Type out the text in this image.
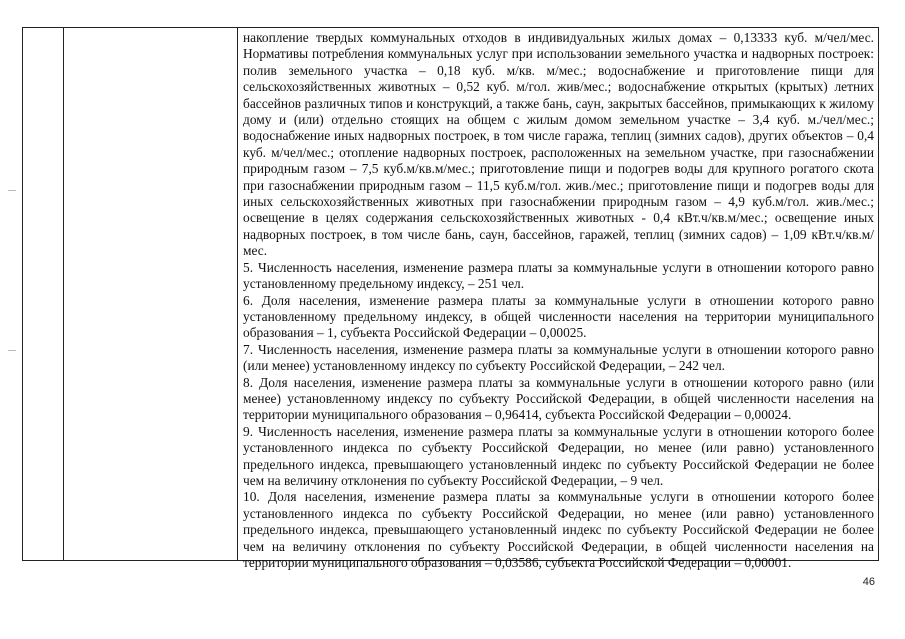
накопление твердых коммунальных отходов в индивидуальных жилых домах – 0,13333 куб. м/чел/мес. Нормативы потребления коммунальных услуг при использовании земельного участка и надворных построек: полив земельного участка – 0,18 куб. м/кв. м/мес.; водоснабжение и приготовление пищи для сельскохозяйственных животных – 0,52 куб. м/гол. жив/мес.; водоснабжение открытых (крытых) летних бассейнов различных типов и конструкций, а также бань, саун, закрытых бассейнов, примыкающих к жилому дому и (или) отдельно стоящих на общем с жилым домом земельном участке – 3,4 куб. м./чел/мес.; водоснабжение иных надворных построек, в том числе гаража, теплиц (зимних садов), других объектов – 0,4 куб. м/чел/мес.; отопление надворных построек, расположенных на земельном участке, при газоснабжении природным газом – 7,5 куб.м/кв.м/мес.; приготовление пищи и подогрев воды для крупного рогатого скота при газоснабжении природным газом – 11,5 куб.м/гол. жив./мес.; приготовление пищи и подогрев воды для иных сельскохозяйственных животных при газоснабжении природным газом – 4,9 куб.м/гол. жив./мес.; освещение в целях содержания сельскохозяйственных животных - 0,4 кВт.ч/кв.м/мес.; освещение иных надворных построек, в том числе бань, саун, бассейнов, гаражей, теплиц (зимних садов) – 1,09 кВт.ч/кв.м/мес.

5. Численность населения, изменение размера платы за коммунальные услуги в отношении которого равно установленному предельному индексу, – 251 чел.

6. Доля населения, изменение размера платы за коммунальные услуги в отношении которого равно установленному предельному индексу, в общей численности населения на территории муниципального образования – 1, субъекта Российской Федерации – 0,00025.

7. Численность населения, изменение размера платы за коммунальные услуги в отношении которого равно (или менее) установленному индексу по субъекту Российской Федерации, – 242 чел.

8. Доля населения, изменение размера платы за коммунальные услуги в отношении которого равно (или менее) установленному индексу по субъекту Российской Федерации, в общей численности населения на территории муниципального образования – 0,96414, субъекта Российской Федерации – 0,00024.

9. Численность населения, изменение размера платы за коммунальные услуги в отношении которого более установленного индекса по субъекту Российской Федерации, но менее (или равно) установленного предельного индекса, превышающего установленный индекс по субъекту Российской Федерации не более чем на величину отклонения по субъекту Российской Федерации, – 9 чел.

10. Доля населения, изменение размера платы за коммунальные услуги в отношении которого более установленного индекса по субъекту Российской Федерации, но менее (или равно) установленного предельного индекса, превышающего установленный индекс по субъекту Российской Федерации не более чем на величину отклонения по субъекту Российской Федерации, в общей численности населения на территории муниципального образования – 0,03586, субъекта Российской Федерации – 0,00001.

46
